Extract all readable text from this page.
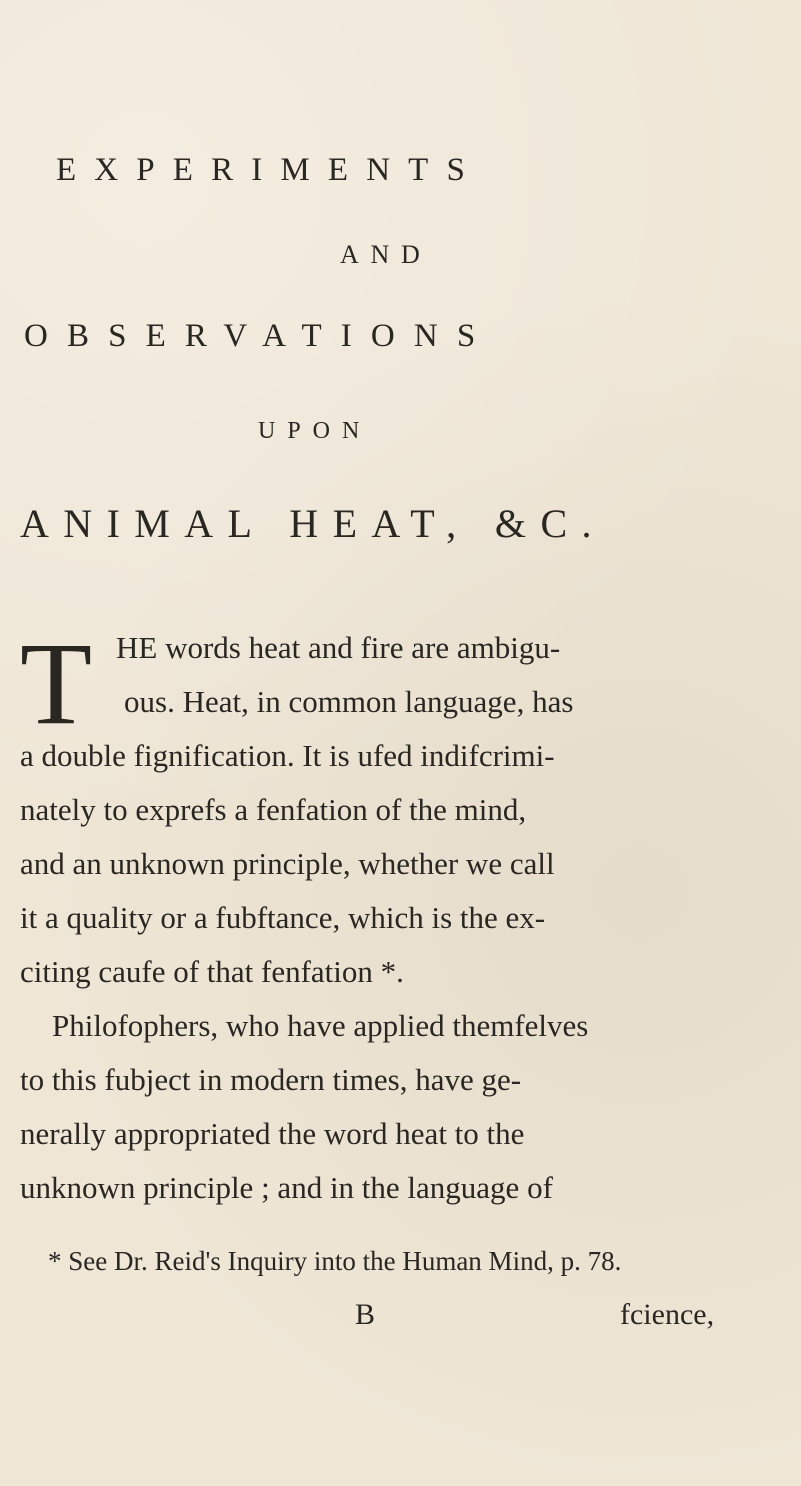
EXPERIMENTS
AND
OBSERVATIONS
UPON
ANIMAL HEAT, &C.
T HE words heat and fire are ambigu-
ous. Heat, in common language, has
a double fignification. It is ufed indifcrimi-
nately to exprefs a fenfation of the mind,
and an unknown principle, whether we call
it a quality or a fubftance, which is the ex-
citing caufe of that fenfation *.
Philofophers, who have applied themfelves
to this fubject in modern times, have ge-
nerally appropriated the word heat to the
unknown principle ; and in the language of
* See Dr. Reid's Inquiry into the Human Mind, p. 78.
B	fcience,
